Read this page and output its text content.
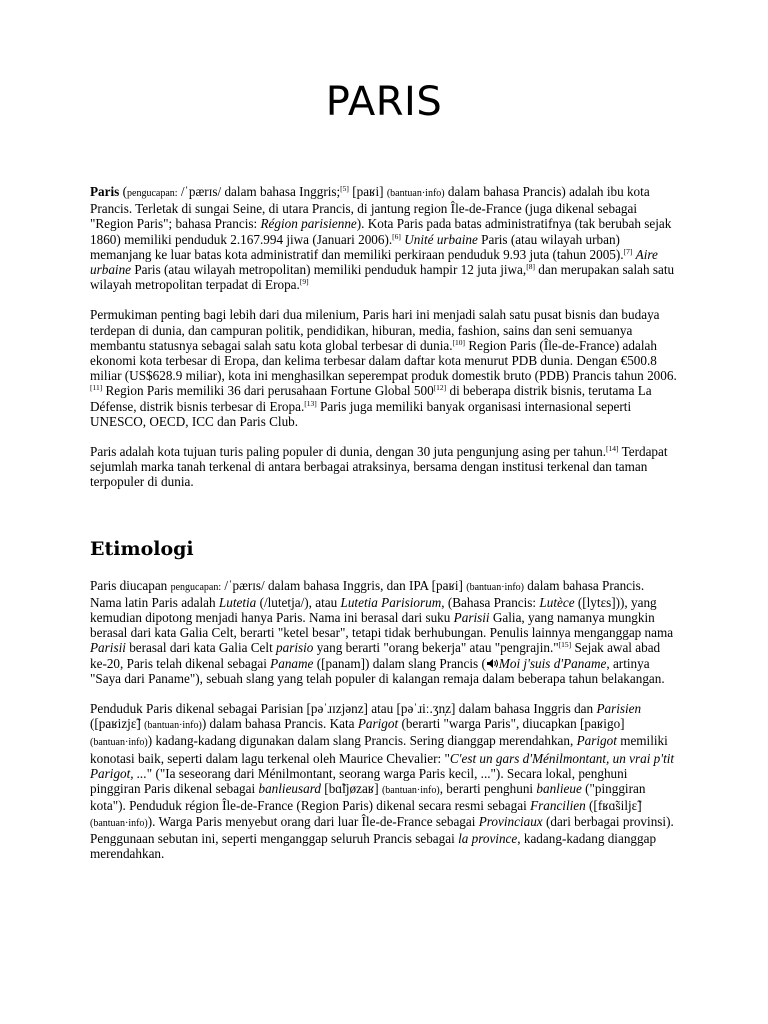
PARIS

Paris (pengucapan: /ˈpærɪs/ dalam bahasa Inggris;[5] [paʁi] (bantuan·info) dalam bahasa Prancis) adalah ibu kota Prancis. Terletak di sungai Seine, di utara Prancis, di jantung region Île-de-France (juga dikenal sebagai "Region Paris"; bahasa Prancis: Région parisienne). Kota Paris pada batas administratifnya (tak berubah sejak 1860) memiliki penduduk 2.167.994 jiwa (Januari 2006).[6] Unité urbaine Paris (atau wilayah urban) memanjang ke luar batas kota administratif dan memiliki perkiraan penduduk 9.93 juta (tahun 2005).[7] Aire urbaine Paris (atau wilayah metropolitan) memiliki penduduk hampir 12 juta jiwa,[8] dan merupakan salah satu wilayah metropolitan terpadat di Eropa.[9]

Permukiman penting bagi lebih dari dua milenium, Paris hari ini menjadi salah satu pusat bisnis dan budaya terdepan di dunia, dan campuran politik, pendidikan, hiburan, media, fashion, sains dan seni semuanya membantu statusnya sebagai salah satu kota global terbesar di dunia.[10] Region Paris (Île-de-France) adalah ekonomi kota terbesar di Eropa, dan kelima terbesar dalam daftar kota menurut PDB dunia. Dengan €500.8 miliar (US$628.9 miliar), kota ini menghasilkan seperempat produk domestik bruto (PDB) Prancis tahun 2006.[11] Region Paris memiliki 36 dari perusahaan Fortune Global 500[12] di beberapa distrik bisnis, terutama La Défense, distrik bisnis terbesar di Eropa.[13] Paris juga memiliki banyak organisasi internasional seperti UNESCO, OECD, ICC dan Paris Club.

Paris adalah kota tujuan turis paling populer di dunia, dengan 30 juta pengunjung asing per tahun.[14] Terdapat sejumlah marka tanah terkenal di antara berbagai atraksinya, bersama dengan institusi terkenal dan taman terpopuler di dunia.

Etimologi

Paris diucapan pengucapan: /ˈpærɪs/ dalam bahasa Inggris, dan IPA [paʁi] (bantuan·info) dalam bahasa Prancis. Nama latin Paris adalah Lutetia (/lutetja/), atau Lutetia Parisiorum, (Bahasa Prancis: Lutèce ([lytɛs])), yang kemudian dipotong menjadi hanya Paris. Nama ini berasal dari suku Parisii Galia, yang namanya mungkin berasal dari kata Galia Celt, berarti "ketel besar", tetapi tidak berhubungan. Penulis lainnya menganggap nama Parisii berasal dari kata Galia Celt parisio yang berarti "orang bekerja" atau "pengrajin."[15] Sejak awal abad ke-20, Paris telah dikenal sebagai Paname ([panam]) dalam slang Prancis ( Moi j'suis d'Paname, artinya "Saya dari Paname"), sebuah slang yang telah populer di kalangan remaja dalam beberapa tahun belakangan.

Penduduk Paris dikenal sebagai Parisian [pəˈɹɪzjənz] atau [pəˈɹiː.ʒn̩z] dalam bahasa Inggris dan Parisien ([paʁizjɛ̃] (bantuan·info)) dalam bahasa Prancis. Kata Parigot (berarti "warga Paris", diucapkan [paʁigo] (bantuan·info)) kadang-kadang digunakan dalam slang Prancis. Sering dianggap merendahkan, Parigot memiliki konotasi baik, seperti dalam lagu terkenal oleh Maurice Chevalier: "C'est un gars d'Ménilmontant, un vrai p'tit Parigot, ..." ("Ia seseorang dari Ménilmontant, seorang warga Paris kecil, ..."). Secara lokal, penghuni pinggiran Paris dikenal sebagai banlieusard [bɑ̃ljøzaʁ] (bantuan·info), berarti penghuni banlieue ("pinggiran kota"). Penduduk région Île-de-France (Region Paris) dikenal secara resmi sebagai Francilien ([fʁɑ̃siljɛ̃] (bantuan·info)). Warga Paris menyebut orang dari luar Île-de-France sebagai Provinciaux (dari berbagai provinsi). Penggunaan sebutan ini, seperti menganggap seluruh Prancis sebagai la province, kadang-kadang dianggap merendahkan.
